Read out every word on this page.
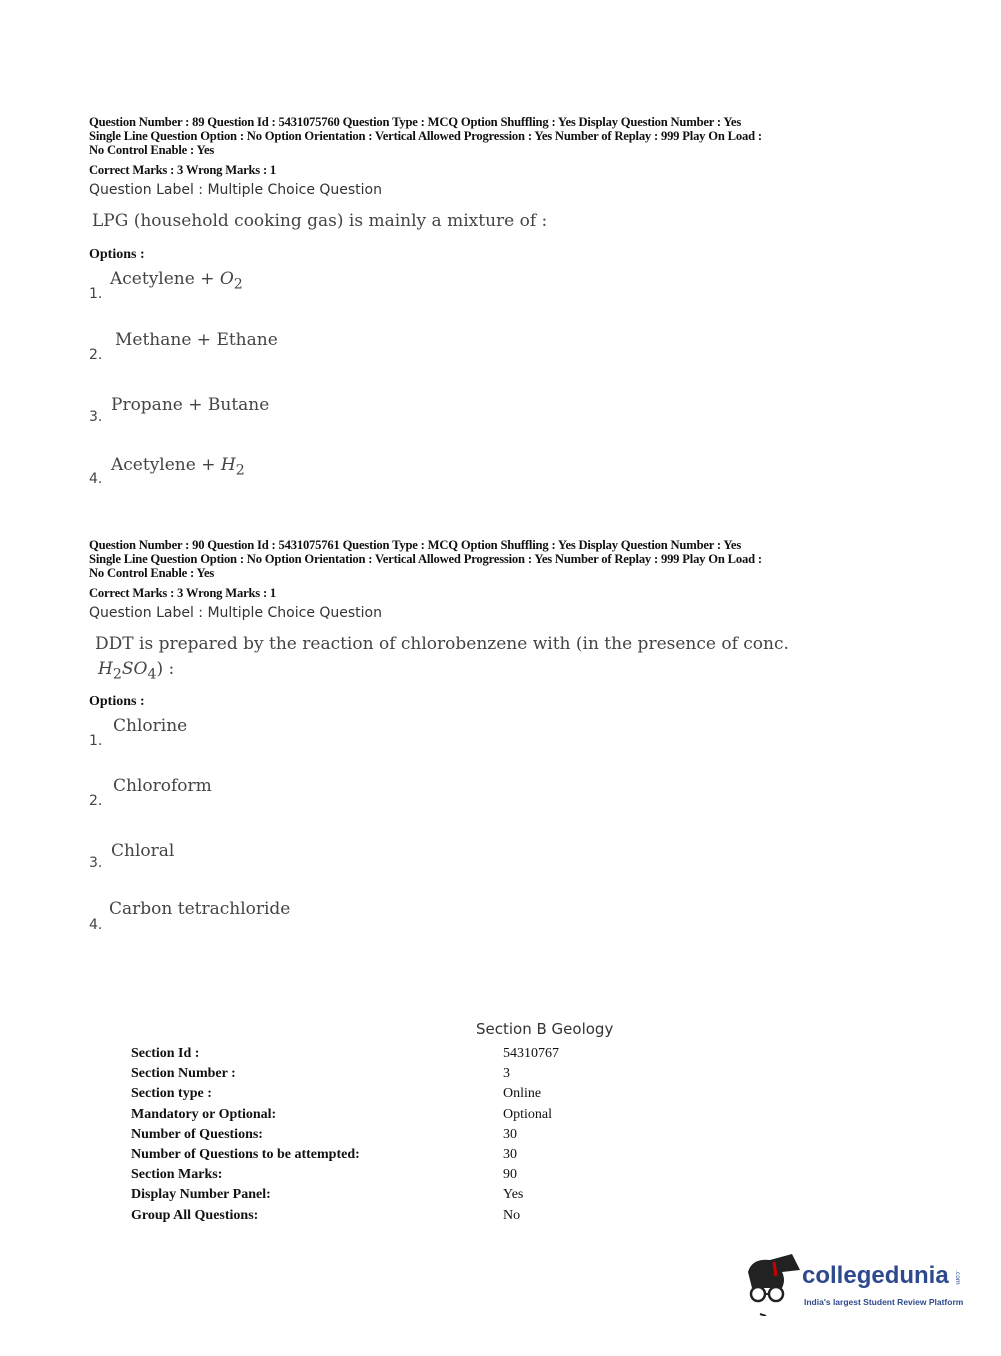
Question Number : 89 Question Id : 5431075760 Question Type : MCQ Option Shuffling : Yes Display Question Number : Yes
Single Line Question Option : No Option Orientation : Vertical Allowed Progression : Yes Number of Replay : 999 Play On Load :
No Control Enable : Yes
Correct Marks : 3 Wrong Marks : 1
Question Label : Multiple Choice Question
LPG (household cooking gas) is mainly a mixture of :
Options :
1.
Acetylene + $O_2$
2.
Methane + Ethane
3.
Propane + Butane
4.
Acetylene + $H_2$
Question Number : 90 Question Id : 5431075761 Question Type : MCQ Option Shuffling : Yes Display Question Number : Yes
Single Line Question Option : No Option Orientation : Vertical Allowed Progression : Yes Number of Replay : 999 Play On Load :
No Control Enable : Yes
Correct Marks : 3 Wrong Marks : 1
Question Label : Multiple Choice Question
DDT is prepared by the reaction of chlorobenzene with (in the presence of conc.
$H_2SO_4$) :
Options :
1.
Chlorine
2.
Chloroform
3.
Chloral
4.
Carbon tetrachloride
Section B Geology
Section Id :	54310767
Section Number :	3
Section type :	Online
Mandatory or Optional:	Optional
Number of Questions:	30
Number of Questions to be attempted:	30
Section Marks:	90
Display Number Panel:	Yes
Group All Questions:	No
collegedunia .com
India's largest Student Review Platform
